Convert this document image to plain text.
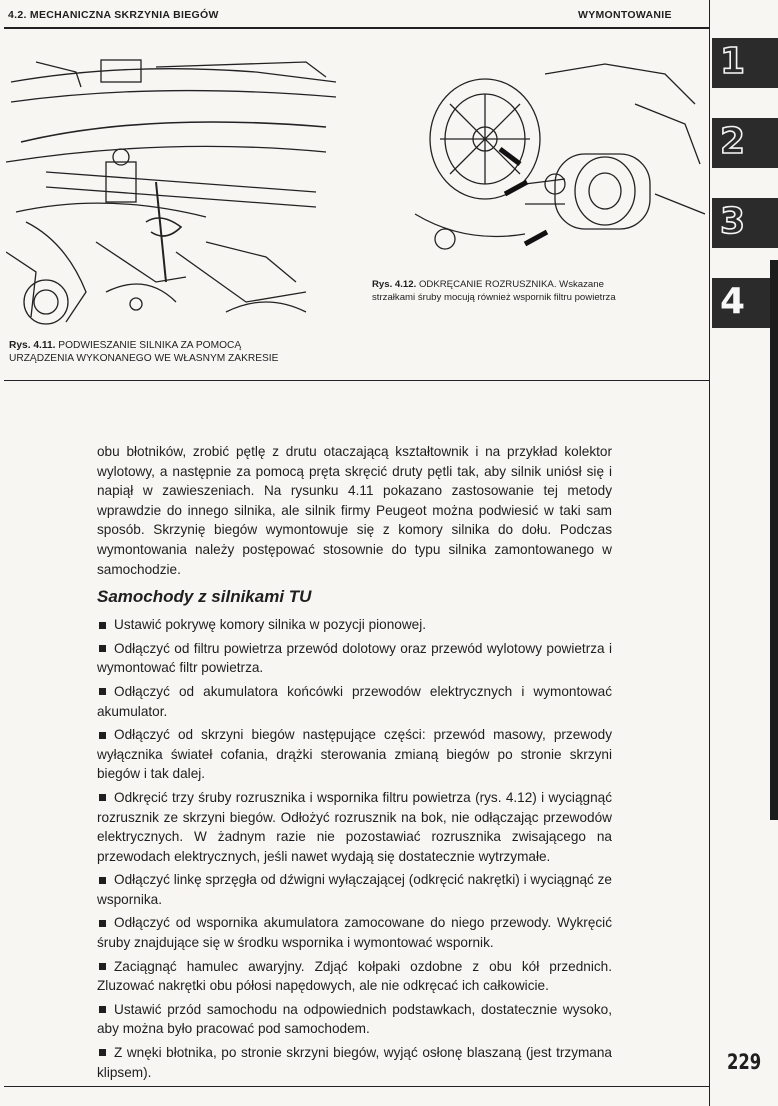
4.2. MECHANICZNA SKRZYNIA BIEGÓW	WYMONTOWANIE
Rys. 4.11. PODWIESZANIE SILNIKA ZA POMOCĄ
URZĄDZENIA WYKONANEGO WE WŁASNYM ZAKRESIE
Rys. 4.12. ODKRĘCANIE ROZRUSZNIKA. Wskazane
strzałkami śruby mocują również wspornik filtru powietrza
1
2
3
4

obu błotników, zrobić pętlę z drutu otaczającą kształtownik i na przykład kolektor wylotowy, a następnie za pomocą pręta skręcić druty pętli tak, aby silnik uniósł się i napiął w zawieszeniach. Na rysunku 4.11 pokazano zastosowanie tej metody wprawdzie do innego silnika, ale silnik firmy Peugeot można podwiesić w taki sam sposób. Skrzynię biegów wymontowuje się z komory silnika do dołu. Podczas wymontowania należy postępować stosownie do typu silnika zamontowanego w samochodzie.

Samochody z silnikami TU

Ustawić pokrywę komory silnika w pozycji pionowej.

Odłączyć od filtru powietrza przewód dolotowy oraz przewód wylotowy powietrza i wymontować filtr powietrza.

Odłączyć od akumulatora końcówki przewodów elektrycznych i wymontować akumulator.

Odłączyć od skrzyni biegów następujące części: przewód masowy, przewody wyłącznika świateł cofania, drążki sterowania zmianą biegów po stronie skrzyni biegów i tak dalej.

Odkręcić trzy śruby rozrusznika i wspornika filtru powietrza (rys. 4.12) i wyciągnąć rozrusznik ze skrzyni biegów. Odłożyć rozrusznik na bok, nie odłączając przewodów elektrycznych. W żadnym razie nie pozostawiać rozrusznika zwisającego na przewodach elektrycznych, jeśli nawet wydają się dostatecznie wytrzymałe.

Odłączyć linkę sprzęgła od dźwigni wyłączającej (odkręcić nakrętki) i wyciągnąć ze wspornika.

Odłączyć od wspornika akumulatora zamocowane do niego przewody. Wykręcić śruby znajdujące się w środku wspornika i wymontować wspornik.

Zaciągnąć hamulec awaryjny. Zdjąć kołpaki ozdobne z obu kół przednich. Zluzować nakrętki obu półosi napędowych, ale nie odkręcać ich całkowicie.

Ustawić przód samochodu na odpowiednich podstawkach, dostatecznie wysoko, aby można było pracować pod samochodem.

Z wnęki błotnika, po stronie skrzyni biegów, wyjąć osłonę blaszaną (jest trzymana klipsem).	229
